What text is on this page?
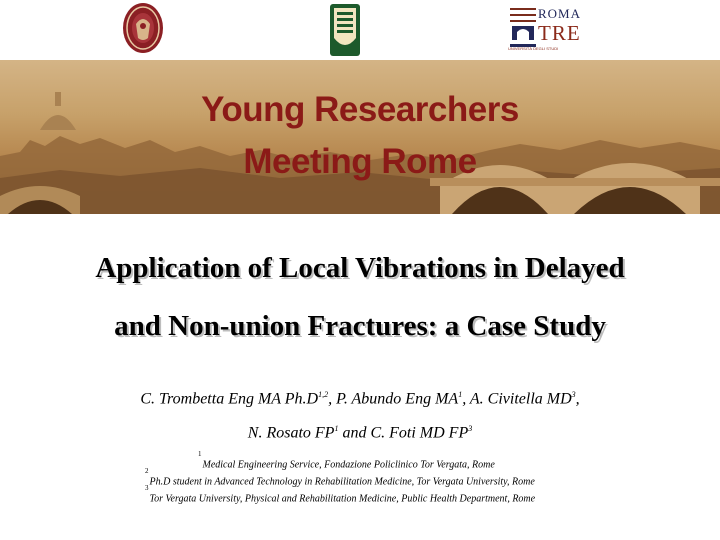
ROMA
TRE
UNIVERSITÀ DEGLI STUDI
Young Researchers
Meeting Rome
Application of Local Vibrations in Delayed
and Non-union Fractures: a Case Study
C. Trombetta Eng MA $Ph.D^{1,2}$, P. Abundo Eng $MA^1$, A. Civitella $MD^3$,
N. Rosato $FP^1$ and C. Foti MD $FP^3$
$^1$Medical Engineering Service, Fondazione Policlinico Tor Vergata, Rome
$^2$Ph.D student in Advanced Technology in Rehabilitation Medicine, Tor Vergata University, Rome
$^3$Tor Vergata University, Physical and Rehabilitation Medicine, Public Health Department, Rome
